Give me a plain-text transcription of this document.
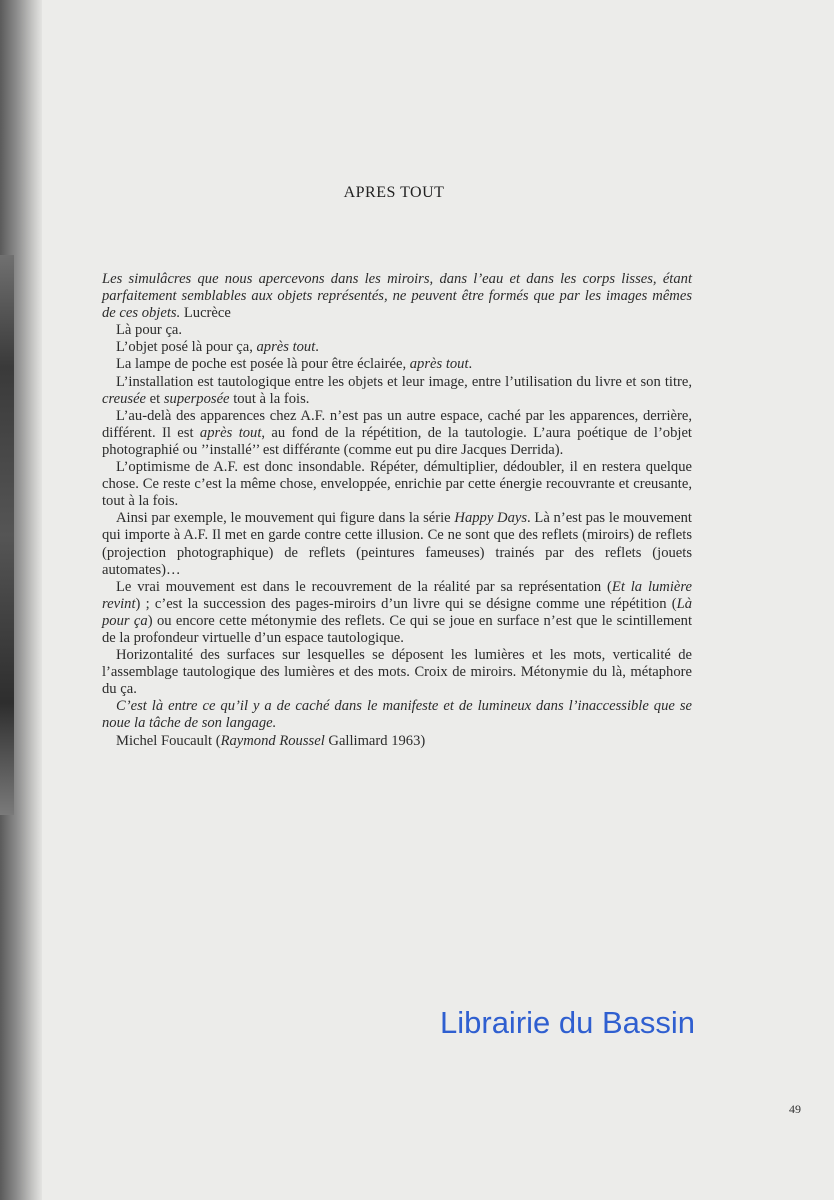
APRES TOUT

Les simulâcres que nous apercevons dans les miroirs, dans l’eau et dans les corps lisses, étant parfaitement semblables aux objets représentés, ne peuvent être formés que par les images mêmes de ces objets. Lucrèce

Là pour ça.

L’objet posé là pour ça, après tout.

La lampe de poche est posée là pour être éclairée, après tout.

L’installation est tautologique entre les objets et leur image, entre l’utilisation du livre et son titre, creusée et superposée tout à la fois.

L’au-delà des apparences chez A.F. n’est pas un autre espace, caché par les apparences, derrière, différent. Il est après tout, au fond de la répétition, de la tautologie. L’aura poétique de l’objet photographié ou ’’installé’’ est différante (comme eut pu dire Jacques Derrida).

L’optimisme de A.F. est donc insondable. Répéter, démultiplier, dédoubler, il en restera quelque chose. Ce reste c’est la même chose, enveloppée, enrichie par cette énergie recouvrante et creusante, tout à la fois.

Ainsi par exemple, le mouvement qui figure dans la série Happy Days. Là n’est pas le mouvement qui importe à A.F. Il met en garde contre cette illusion. Ce ne sont que des reflets (miroirs) de reflets (projection photographique) de reflets (peintures fameuses) trainés par des reflets (jouets automates)…

Le vrai mouvement est dans le recouvrement de la réalité par sa représentation (Et la lumière revint) ; c’est la succession des pages-miroirs d’un livre qui se désigne comme une répétition (Là pour ça) ou encore cette métonymie des reflets. Ce qui se joue en surface n’est que le scintillement de la profondeur virtuelle d’un espace tautologique.

Horizontalité des surfaces sur lesquelles se déposent les lumières et les mots, verticalité de l’assemblage tautologique des lumières et des mots. Croix de miroirs. Métonymie du là, métaphore du ça.

C’est là entre ce qu’il y a de caché dans le manifeste et de lumineux dans l’inaccessible que se noue la tâche de son langage.

Michel Foucault (Raymond Roussel Gallimard 1963)

Librairie du Bassin
49
